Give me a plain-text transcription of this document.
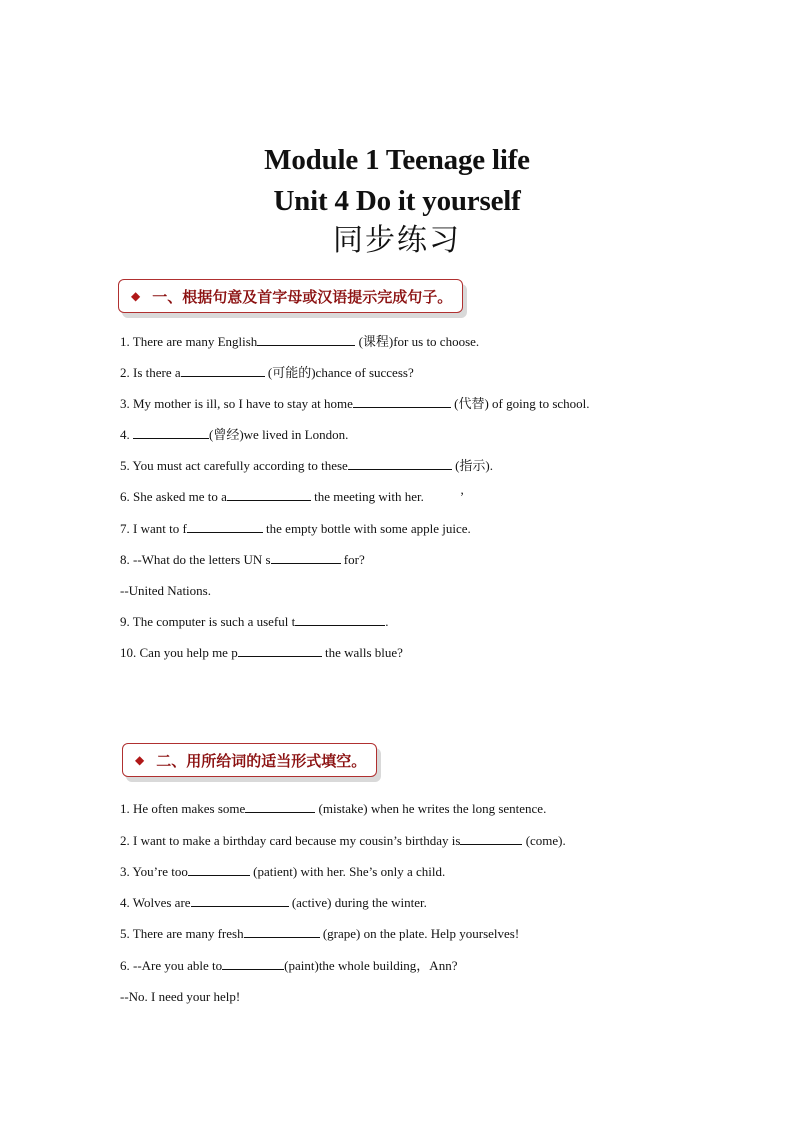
Module 1 Teenage life
Unit 4 Do it yourself
同步练习
◆ 一、根据句意及首字母或汉语提示完成句子。
1. There are many English	(课程)for us to choose.
2. Is there a	(可能的)chance of success?
3. My mother is ill, so I have to stay at home	(代替) of going to school.
4.	(曾经)we lived in London.
5. You must act carefully according to these	(指示).
6. She asked me to a	the meeting with her.	’
7. I want to f	the empty bottle with some apple juice.
8. --What do the letters UN s	for?
--United Nations.
9. The computer is such a useful t	.
10. Can you help me p	the walls blue?
◆ 二、用所给词的适当形式填空。
1. He often makes some	(mistake) when he writes the long sentence.
2. I want to make a birthday card because my cousin’s birthday is	(come).
3. You’re too	(patient) with her. She’s only a child.
4. Wolves are	(active) during the winter.
5. There are many fresh	(grape) on the plate. Help yourselves!
6. --Are you able to	(paint)the whole building，Ann?
--No. I need your help!
